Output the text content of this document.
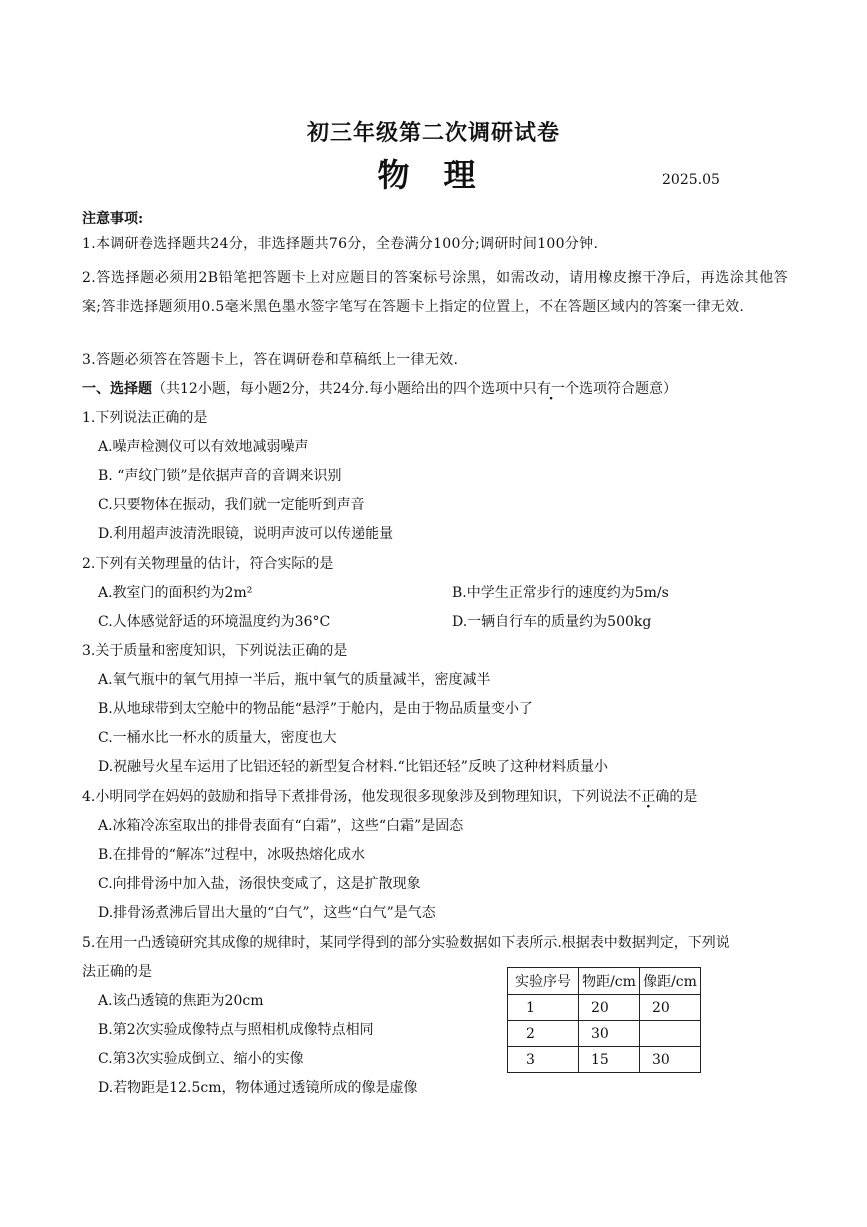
初三年级第二次调研试卷
物理	2025.05
注意事项:
1.本调研卷选择题共24分，非选择题共76分，全卷满分100分;调研时间100分钟.
2.答选择题必须用2B铅笔把答题卡上对应题目的答案标号涂黑，如需改动，请用橡皮擦干净后，再选涂其他答案;答非选择题须用0.5毫米黑色墨水签字笔写在答题卡上指定的位置上，不在答题区域内的答案一律无效.
3.答题必须答在答题卡上，答在调研卷和草稿纸上一律无效.
一、选择题（共12小题，每小题2分，共24分.每小题给出的四个选项中只有一个选项符合题意）
1.下列说法正确的是
A.噪声检测仪可以有效地减弱噪声
B. “声纹门锁”是依据声音的音调来识别
C.只要物体在振动，我们就一定能听到声音
D.利用超声波清洗眼镜，说明声波可以传递能量
2.下列有关物理量的估计，符合实际的是
A.教室门的面积约为2m²	B.中学生正常步行的速度约为5m/s
C.人体感觉舒适的环境温度约为36°C	D.一辆自行车的质量约为500kg
3.关于质量和密度知识，下列说法正确的是
A.氧气瓶中的氧气用掉一半后，瓶中氧气的质量减半，密度减半
B.从地球带到太空舱中的物品能“悬浮”于舱内，是由于物品质量变小了
C.一桶水比一杯水的质量大，密度也大
D.祝融号火星车运用了比铝还轻的新型复合材料.“比铝还轻”反映了这种材料质量小
4.小明同学在妈妈的鼓励和指导下煮排骨汤，他发现很多现象涉及到物理知识，下列说法不正确的是
A.冰箱冷冻室取出的排骨表面有“白霜”，这些“白霜”是固态
B.在排骨的“解冻”过程中，冰吸热熔化成水
C.向排骨汤中加入盐，汤很快变咸了，这是扩散现象
D.排骨汤煮沸后冒出大量的“白气”，这些“白气”是气态
5.在用一凸透镜研究其成像的规律时，某同学得到的部分实验数据如下表所示.根据表中数据判定，下列说
法正确的是
A.该凸透镜的焦距为20cm
B.第2次实验成像特点与照相机成像特点相同
C.第3次实验成倒立、缩小的实像
D.若物距是12.5cm，物体通过透镜所成的像是虚像
实验序号	物距/cm	像距/cm
1	20	20
2	30	
3	15	30
